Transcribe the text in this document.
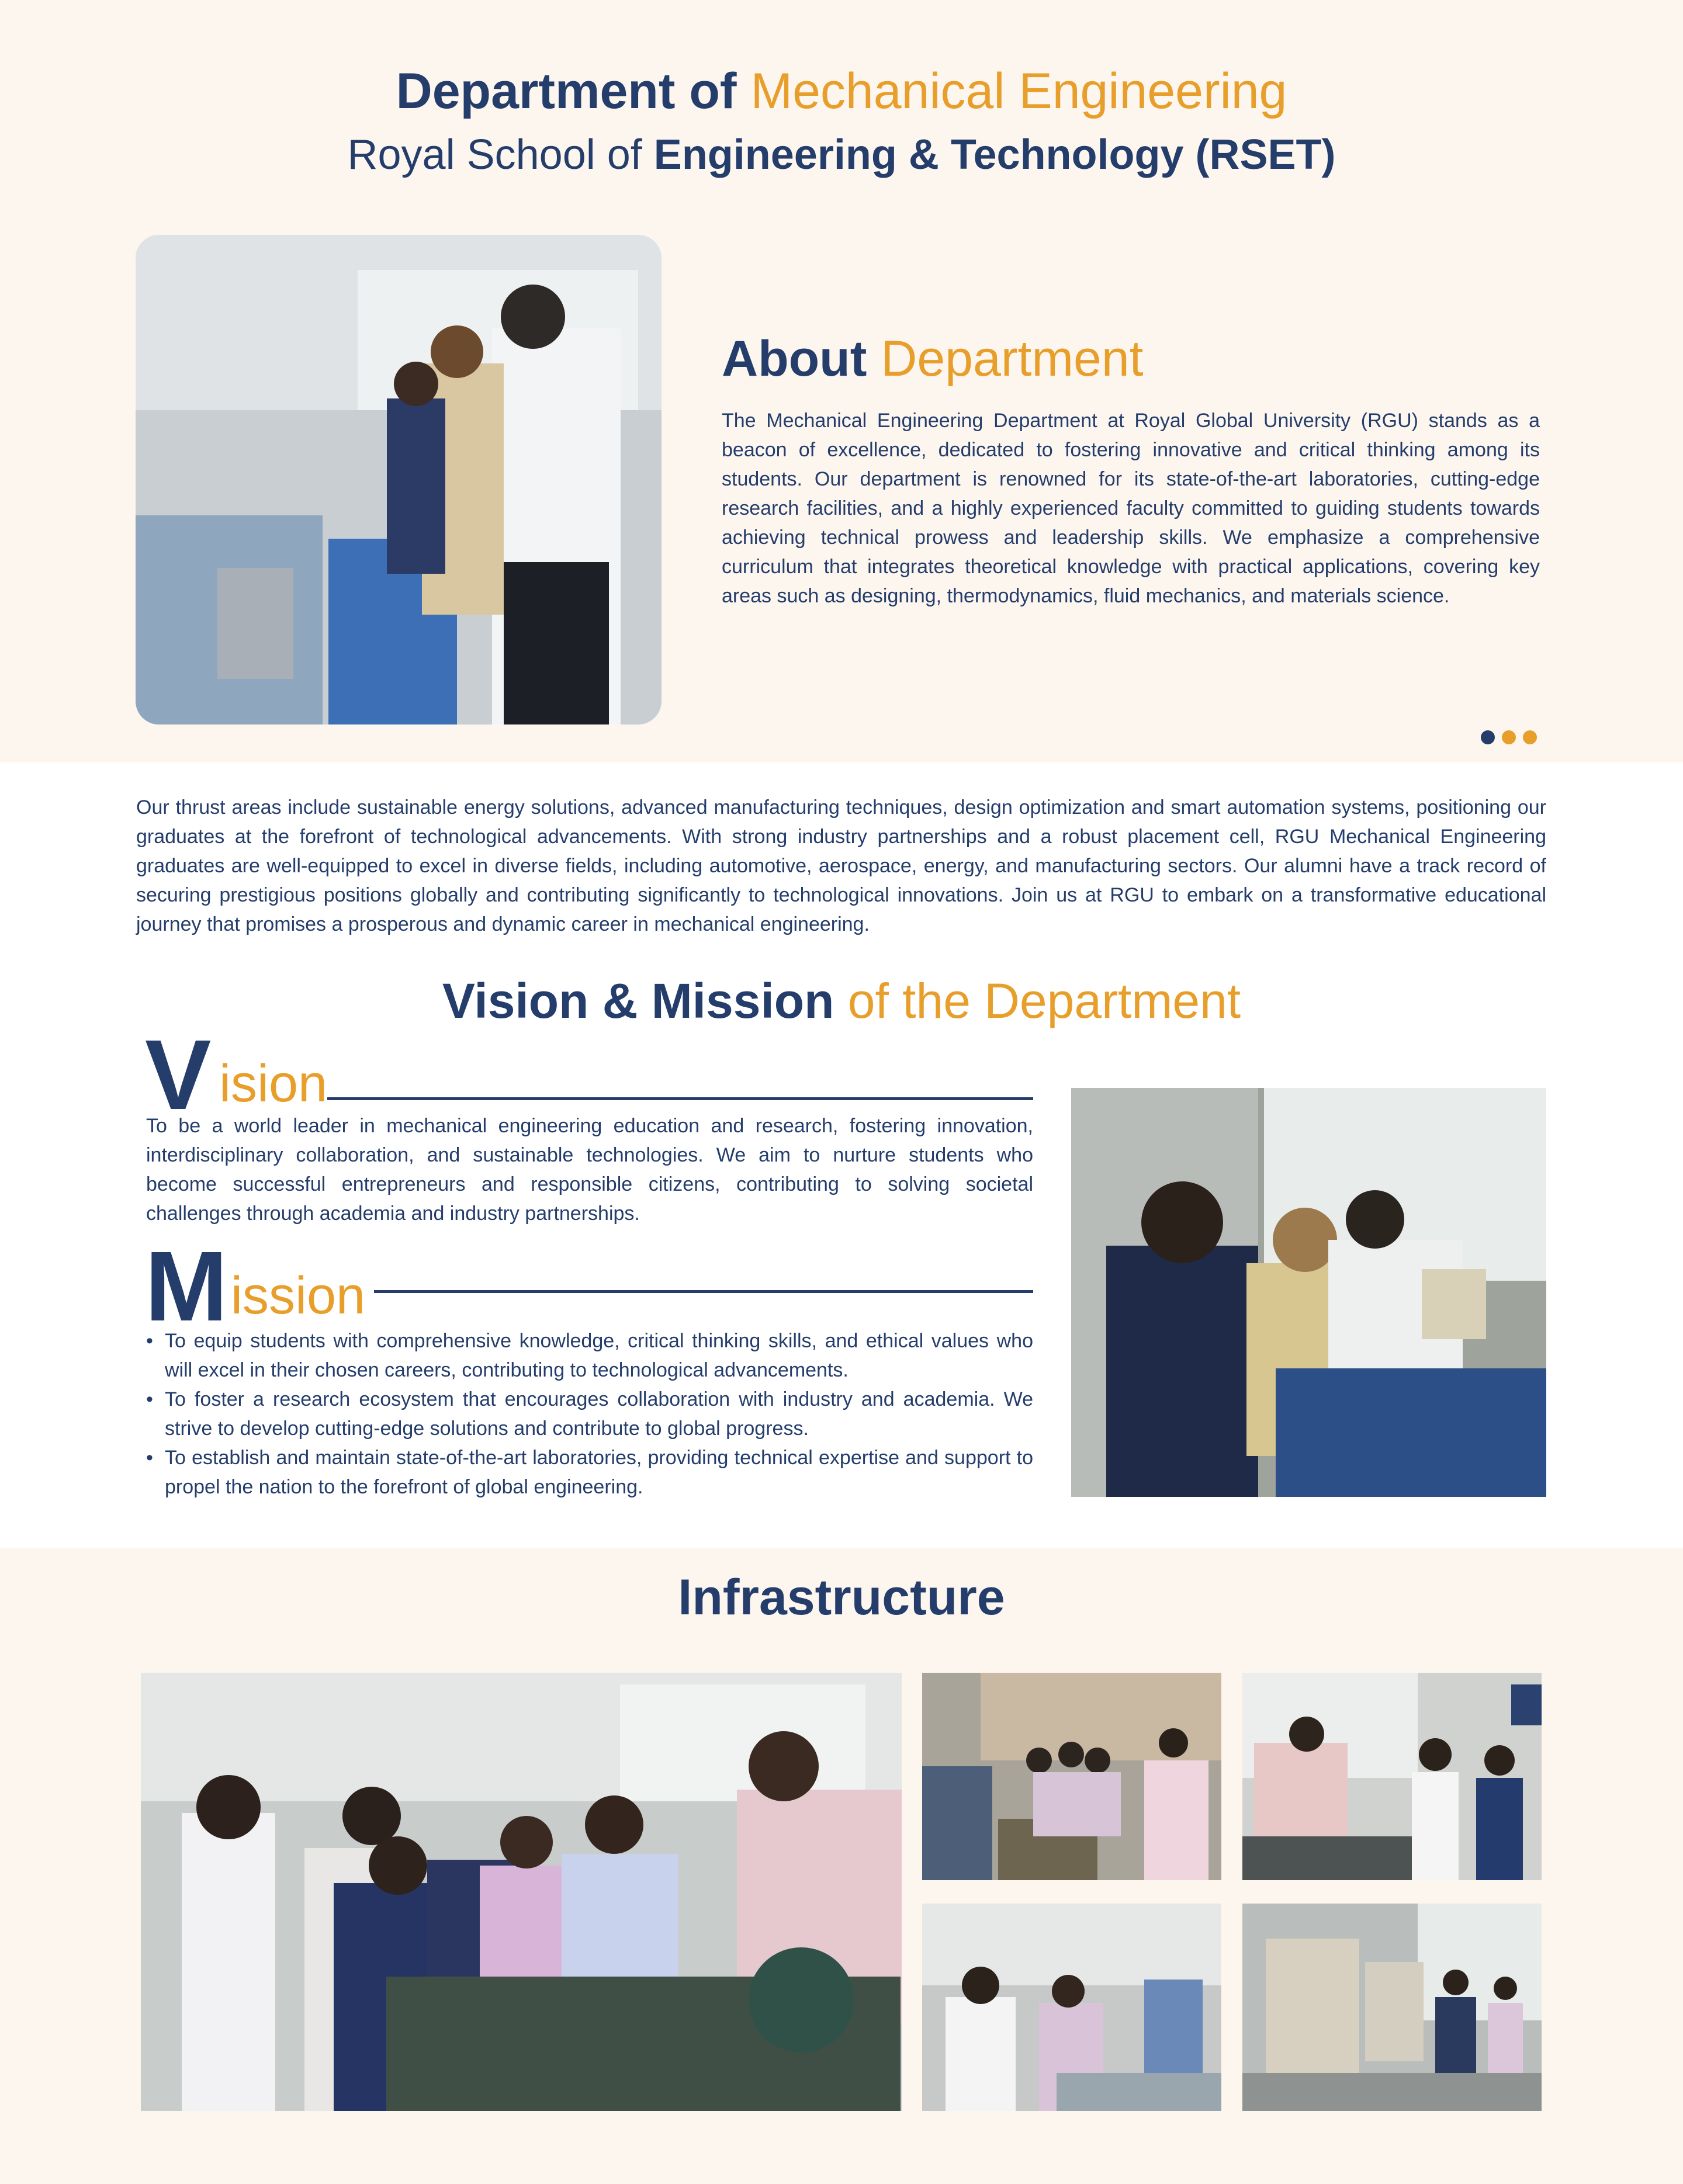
Department of Mechanical Engineering
Royal School of Engineering & Technology (RSET)
About Department
The Mechanical Engineering Department at Royal Global University (RGU) stands as a beacon of excellence, dedicated to fostering innovative and critical thinking among its students. Our department is renowned for its state-of-the-art laboratories, cutting-edge research facilities, and a highly experienced faculty committed to guiding students towards achieving technical prowess and leadership skills. We emphasize a comprehensive curriculum that integrates theoretical knowledge with practical applications, covering key areas such as designing, thermodynamics, fluid mechanics, and materials science.
Our thrust areas include sustainable energy solutions, advanced manufacturing techniques, design optimization and smart automation systems, positioning our graduates at the forefront of technological advancements. With strong industry partnerships and a robust placement cell, RGU Mechanical Engineering graduates are well-equipped to excel in diverse fields, including automotive, aerospace, energy, and manufacturing sectors. Our alumni have a track record of securing prestigious positions globally and contributing significantly to technological innovations. Join us at RGU to embark on a transformative educational journey that promises a prosperous and dynamic career in mechanical engineering.
Vision & Mission of the Department
V ision
To be a world leader in mechanical engineering education and research, fostering innovation, interdisciplinary collaboration, and sustainable technologies. We aim to nurture students who become successful entrepreneurs and responsible citizens, contributing to solving societal challenges through academia and industry partnerships.
M ission
• To equip students with comprehensive knowledge, critical thinking skills, and ethical values who will excel in their chosen careers, contributing to technological advancements.
• To foster a research ecosystem that encourages collaboration with industry and academia. We strive to develop cutting-edge solutions and contribute to global progress.
• To establish and maintain state-of-the-art laboratories, providing technical expertise and support to propel the nation to the forefront of global engineering.
Infrastructure
